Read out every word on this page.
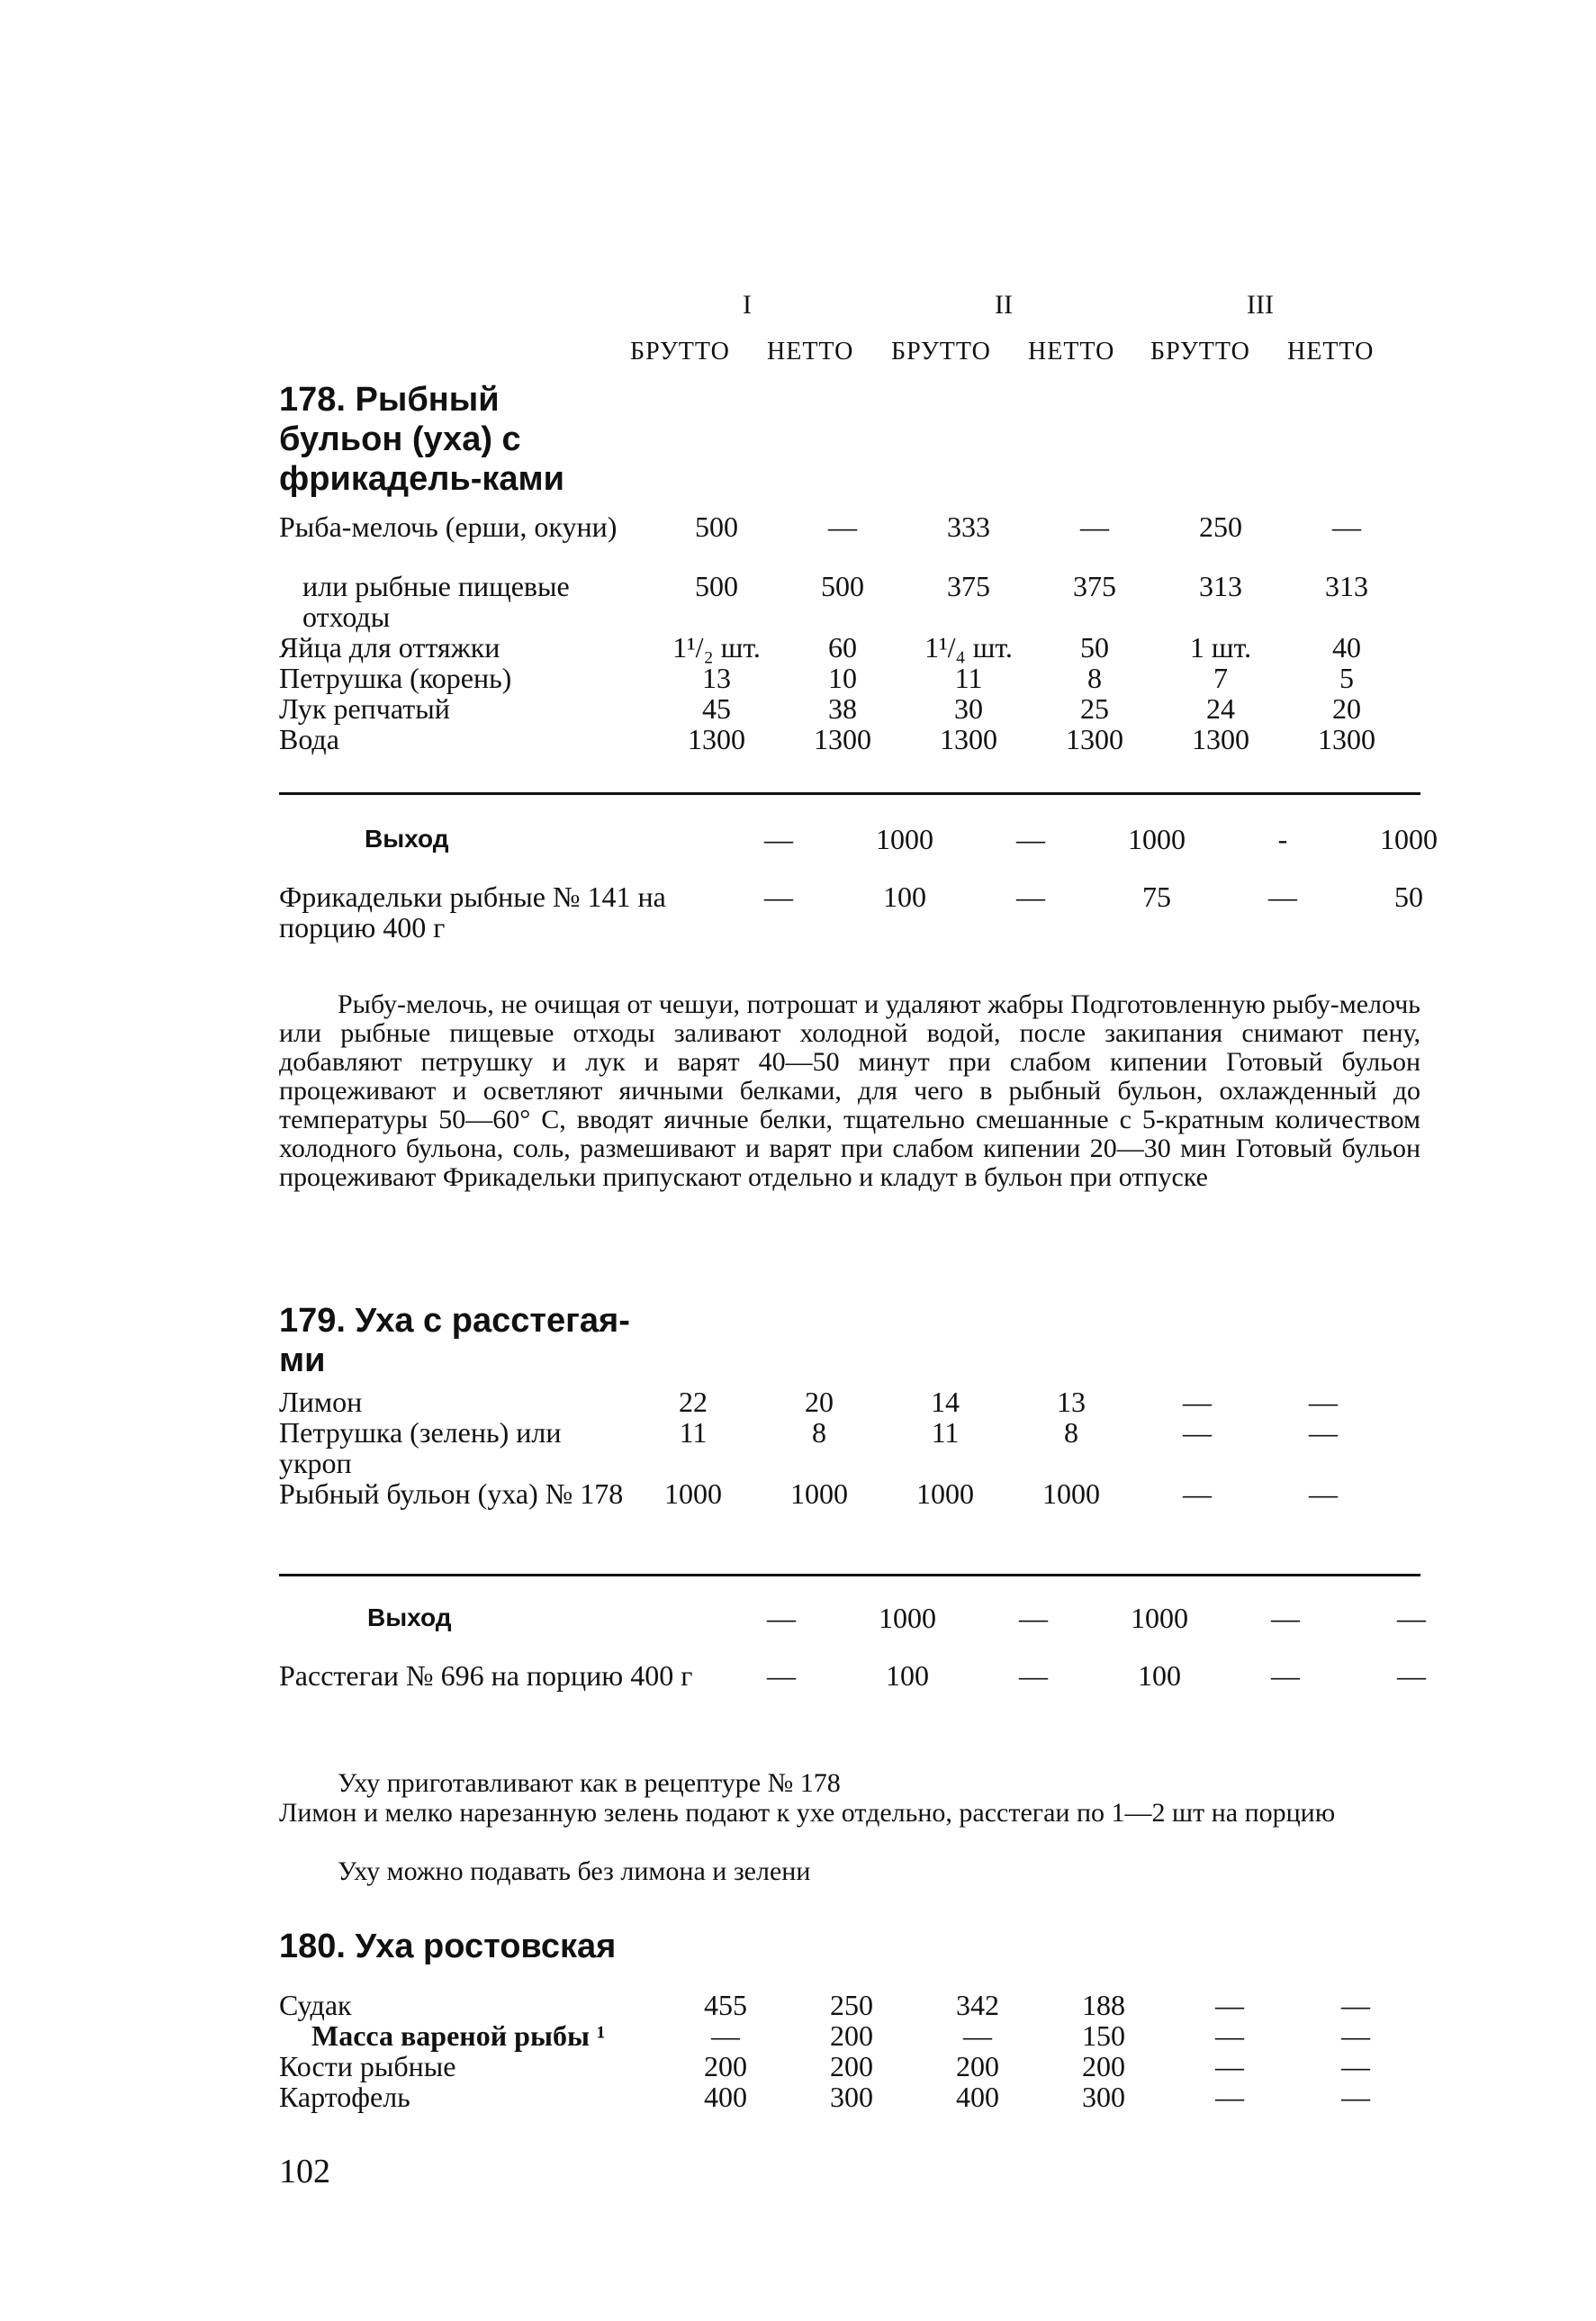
I	II	III
БРУТТО НЕТТО БРУТТО НЕТТО БРУТТО НЕТТО
178. Рыбный бульон (уха) с фрикадель-ками
Рыба-мелочь (ерши, окуни)	500	—	333	—	250	—
или рыбные пищевые отходы	500	500	375	375	313	313
Яйца для оттяжки	1¹/₂ шт.	60	1¹/₄ шт.	50	1 шт.	40
Петрушка (корень)	13	10	11	8	7	5
Лук репчатый	45	38	30	25	24	20
Вода	1300	1300	1300	1300	1300	1300
Выход	—	1000	—	1000	-	1000
Фрикадельки рыбные № 141 на порцию 400 г	—	100	—	75	—	50
Рыбу-мелочь, не очищая от чешуи, потрошат и удаляют жабры Подготовленную рыбу-мелочь или рыбные пищевые отходы заливают холодной водой, после закипания снимают пену, добавляют петрушку и лук и варят 40—50 минут при слабом кипении Готовый бульон процеживают и осветляют яичными белками, для чего в рыбный бульон, охлажденный до температуры 50—60° С, вводят яичные белки, тщательно смешанные с 5-кратным количеством холодного бульона, соль, размешивают и варят при слабом кипении 20—30 мин Готовый бульон процеживают Фрикадельки припускают отдельно и кладут в бульон при отпуске
179. Уха с расстегая-ми
Лимон	22	20	14	13	—	—
Петрушка (зелень) или укроп	11	8	11	8	—	—
Рыбный бульон (уха) № 178	1000	1000	1000	1000	—	—
Выход	—	1000	—	1000	—	—
Расстегаи № 696 на порцию 400 г	—	100	—	100	—	—
Уху приготавливают как в рецептуре № 178
Лимон и мелко нарезанную зелень подают к ухе отдельно, расстегаи по 1—2 шт на порцию
Уху можно подавать без лимона и зелени
180. Уха ростовская
Судак	455	250	342	188	—	—
Масса вареной рыбы ¹	—	200	—	150	—	—
Кости рыбные	200	200	200	200	—	—
Картофель	400	300	400	300	—	—
102
